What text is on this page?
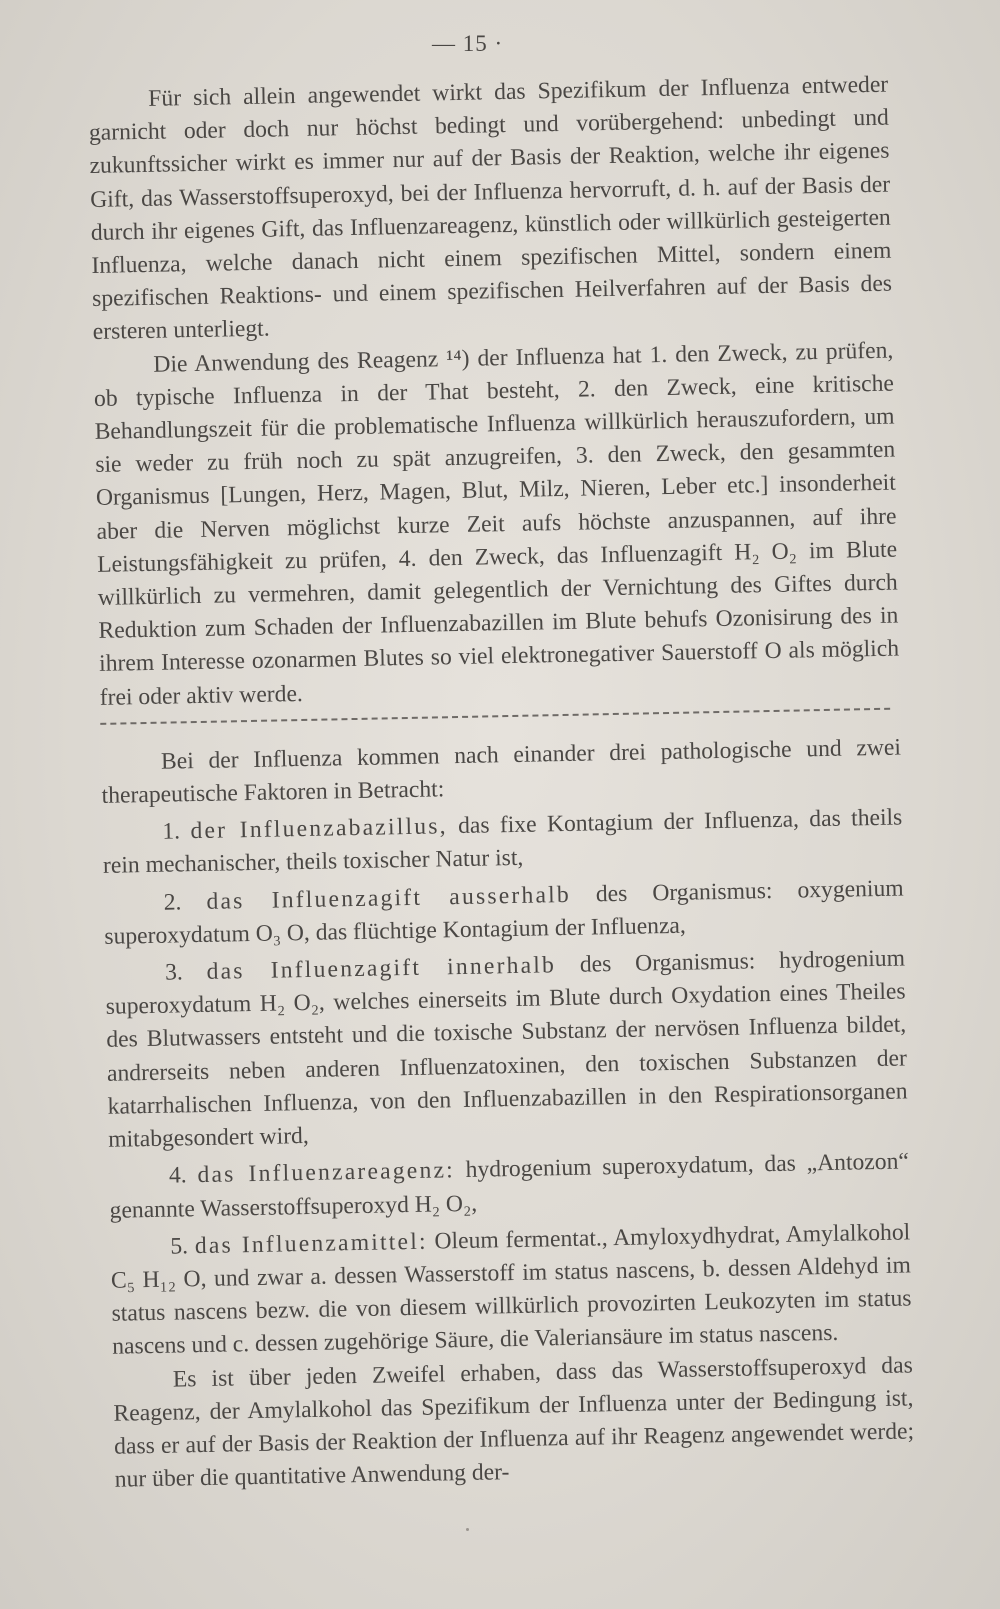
— 15 ·

Für sich allein angewendet wirkt das Spezifikum der Influenza entweder garnicht oder doch nur höchst bedingt und vorübergehend: unbedingt und zukunftssicher wirkt es immer nur auf der Basis der Reaktion, welche ihr eigenes Gift, das Wasserstoffsuperoxyd, bei der Influenza hervorruft, d. h. auf der Basis der durch ihr eigenes Gift, das Influenzareagenz, künstlich oder willkürlich gesteigerten Influenza, welche danach nicht einem spezifischen Mittel, sondern einem spezifischen Reaktions- und einem spezifischen Heilverfahren auf der Basis des ersteren unterliegt.

Die Anwendung des Reagenz ¹⁴) der Influenza hat 1. den Zweck, zu prüfen, ob typische Influenza in der That besteht, 2. den Zweck, eine kritische Behandlungszeit für die problematische Influenza willkürlich herauszufordern, um sie weder zu früh noch zu spät anzugreifen, 3. den Zweck, den gesammten Organismus [Lungen, Herz, Magen, Blut, Milz, Nieren, Leber etc.] insonderheit aber die Nerven möglichst kurze Zeit aufs höchste anzuspannen, auf ihre Leistungsfähigkeit zu prüfen, 4. den Zweck, das Influenzagift H₂ O₂ im Blute willkürlich zu vermehren, damit gelegentlich der Vernichtung des Giftes durch Reduktion zum Schaden der Influenzabazillen im Blute behufs Ozonisirung des in ihrem Interesse ozonarmen Blutes so viel elektronegativer Sauerstoff O als möglich frei oder aktiv werde.

Bei der Influenza kommen nach einander drei pathologische und zwei therapeutische Faktoren in Betracht:

1. der Influenzabazillus, das fixe Kontagium der Influenza, das theils rein mechanischer, theils toxischer Natur ist,

2. das Influenzagift ausserhalb des Organismus: oxygenium superoxydatum O₃ O, das flüchtige Kontagium der Influenza,

3. das Influenzagift innerhalb des Organismus: hydrogenium superoxydatum H₂ O₂, welches einerseits im Blute durch Oxydation eines Theiles des Blutwassers entsteht und die toxische Substanz der nervösen Influenza bildet, andrerseits neben anderen Influenzatoxinen, den toxischen Substanzen der katarrhalischen Influenza, von den Influenzabazillen in den Respirationsorganen mitabgesondert wird,

4. das Influenzareagenz: hydrogenium superoxydatum, das „Antozon“ genannte Wasserstoffsuperoxyd H₂ O₂,

5. das Influenzamittel: Oleum fermentat., Amyloxydhydrat, Amylalkohol C₅ H₁₂ O, und zwar a. dessen Wasserstoff im status nascens, b. dessen Aldehyd im status nascens bezw. die von diesem willkürlich provozirten Leukozyten im status nascens und c. dessen zugehörige Säure, die Valeriansäure im status nascens.

Es ist über jeden Zweifel erhaben, dass das Wasserstoffsuperoxyd das Reagenz, der Amylalkohol das Spezifikum der Influenza unter der Bedingung ist, dass er auf der Basis der Reaktion der Influenza auf ihr Reagenz angewendet werde; nur über die quantitative Anwendung der-
